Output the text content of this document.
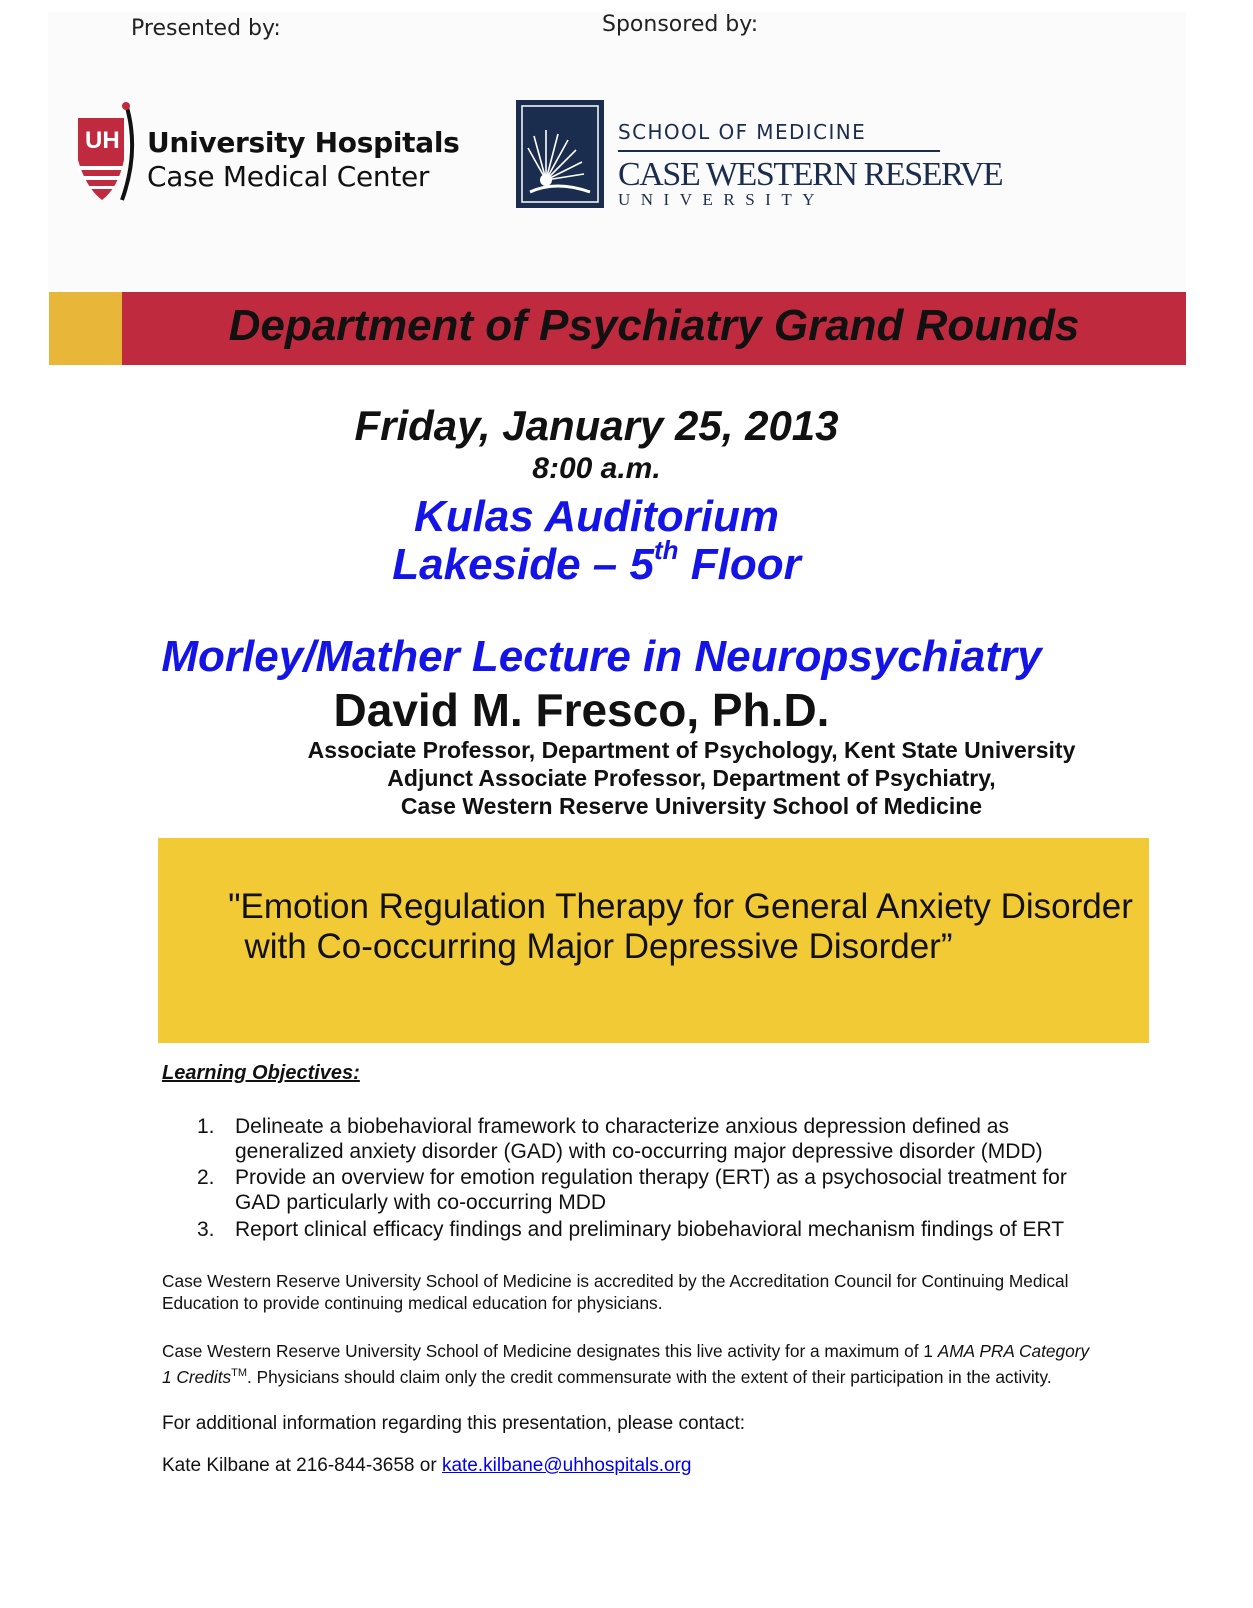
Presented by:	Sponsored by:
UH University Hospitals
Case Medical Center
SCHOOL OF MEDICINE
CASE WESTERN RESERVE
UNIVERSITY
Department of Psychiatry Grand Rounds
Friday, January 25, 2013
8:00 a.m.
Kulas Auditorium
Lakeside – 5th Floor
Morley/Mather Lecture in Neuropsychiatry
David M. Fresco, Ph.D.
Associate Professor, Department of Psychology, Kent State University
Adjunct Associate Professor, Department of Psychiatry,
Case Western Reserve University School of Medicine
"Emotion Regulation Therapy for General Anxiety Disorder
with Co-occurring Major Depressive Disorder”
Learning Objectives:
1. Delineate a biobehavioral framework to characterize anxious depression defined as
generalized anxiety disorder (GAD) with co-occurring major depressive disorder (MDD)
2. Provide an overview for emotion regulation therapy (ERT) as a psychosocial treatment for
GAD particularly with co-occurring MDD
3. Report clinical efficacy findings and preliminary biobehavioral mechanism findings of ERT
Case Western Reserve University School of Medicine is accredited by the Accreditation Council for Continuing Medical
Education to provide continuing medical education for physicians.
Case Western Reserve University School of Medicine designates this live activity for a maximum of 1 AMA PRA Category
1 Credits™. Physicians should claim only the credit commensurate with the extent of their participation in the activity.
For additional information regarding this presentation, please contact:
Kate Kilbane at 216-844-3658 or kate.kilbane@uhhospitals.org
